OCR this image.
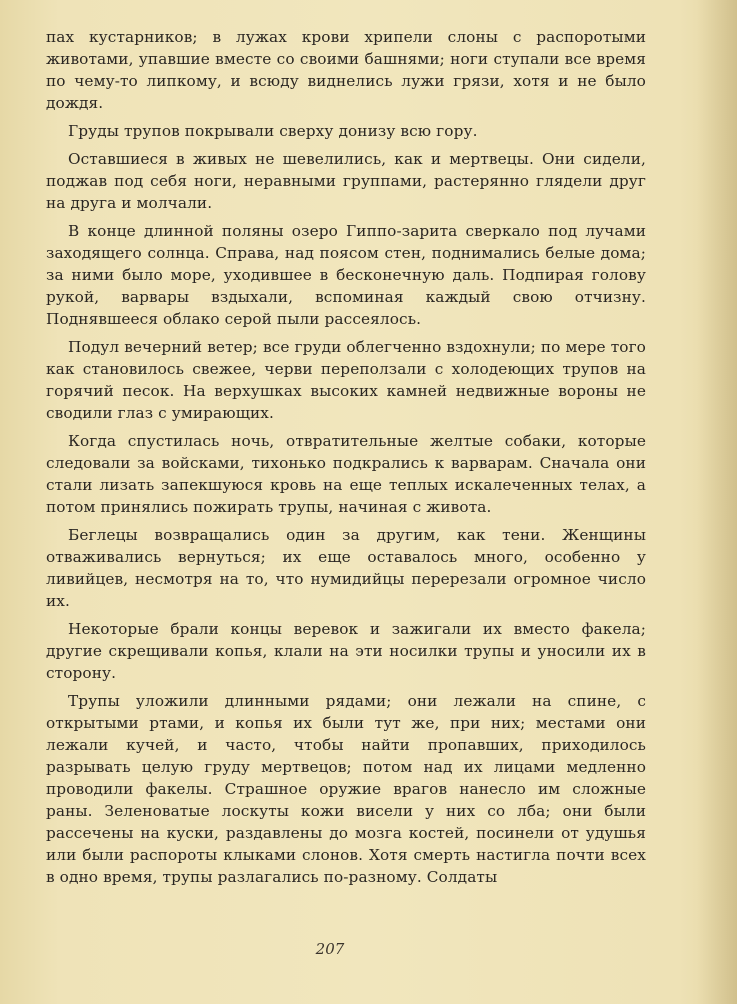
пах кустарников; в лужах крови хрипели слоны с распоротыми животами, упавшие вместе со своими башнями; ноги ступали все время по чему-то липкому, и всюду виднелись лужи грязи, хотя и не было дождя.

Груды трупов покрывали сверху донизу всю гору.

Оставшиеся в живых не шевелились, как и мертвецы. Они сидели, поджав под себя ноги, неравными группами, растерянно глядели друг на друга и молчали.

В конце длинной поляны озеро Гиппо-зарита сверкало под лучами заходящего солнца. Справа, над поясом стен, поднимались белые дома; за ними было море, уходившее в бесконечную даль. Подпирая голову рукой, варвары вздыхали, вспоминая каждый свою отчизну. Поднявшееся облако серой пыли рассеялось.

Подул вечерний ветер; все груди облегченно вздохнули; по мере того как становилось свежее, черви переползали с холодеющих трупов на горячий песок. На верхушках высоких камней недвижные вороны не сводили глаз с умирающих.

Когда спустилась ночь, отвратительные желтые собаки, которые следовали за войсками, тихонько подкрались к варварам. Сначала они стали лизать запекшуюся кровь на еще теплых искалеченных телах, а потом принялись пожирать трупы, начиная с живота.

Беглецы возвращались один за другим, как тени. Женщины отваживались вернуться; их еще оставалось много, особенно у ливийцев, несмотря на то, что нумидийцы перерезали огромное число их.

Некоторые брали концы веревок и зажигали их вместо факела; другие скрещивали копья, клали на эти носилки трупы и уносили их в сторону.

Трупы уложили длинными рядами; они лежали на спине, с открытыми ртами, и копья их были тут же, при них; местами они лежали кучей, и часто, чтобы найти пропавших, приходилось разрывать целую груду мертвецов; потом над их лицами медленно проводили факелы. Страшное оружие врагов нанесло им сложные раны. Зеленоватые лоскуты кожи висели у них со лба; они были рассечены на куски, раздавлены до мозга костей, посинели от удушья или были распороты клыками слонов. Хотя смерть настигла почти всех в одно время, трупы разлагались по-разному. Солдаты

207
